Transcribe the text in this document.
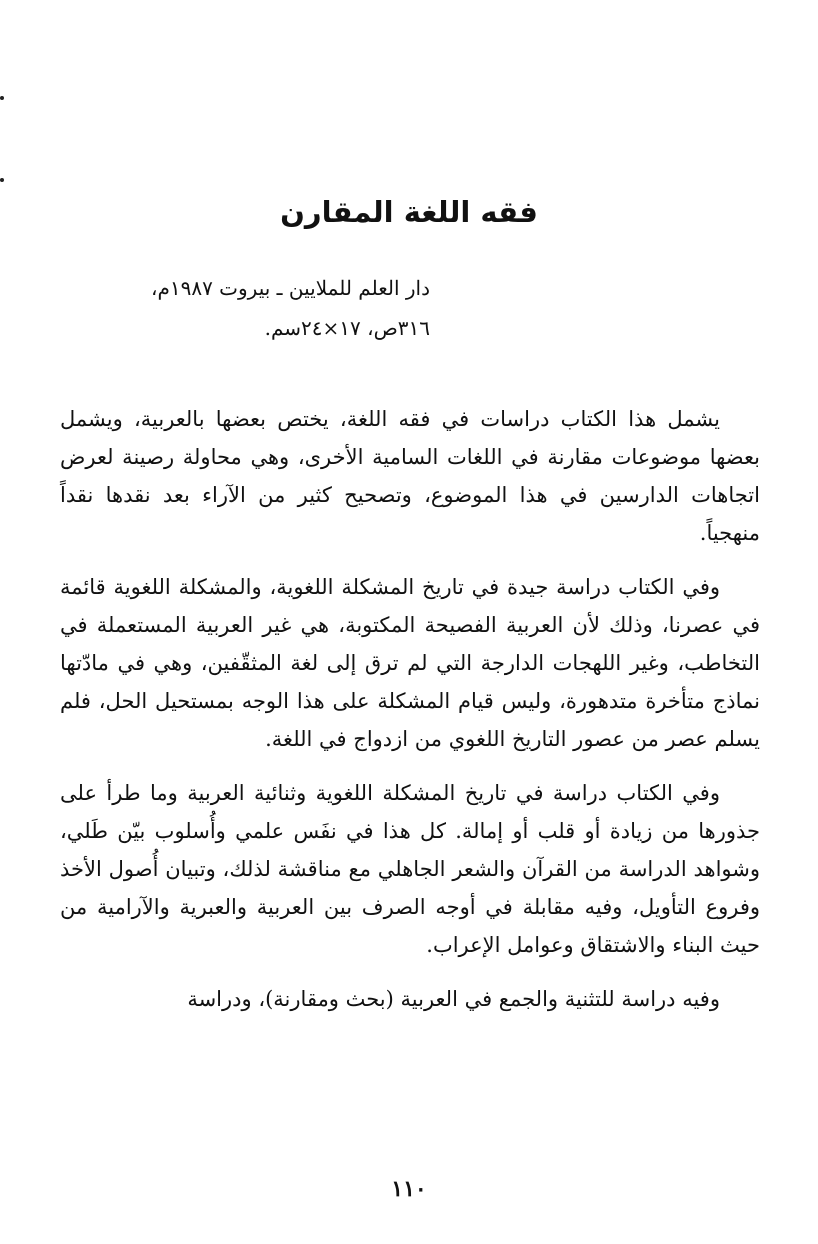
فقه اللغة المقارن

دار العلم للملايين ـ بيروت ١٩٨٧م،

٣١٦ص، ١٧×٢٤سم.

يشمل هذا الكتاب دراسات في فقه اللغة، يختص بعضها بالعربية، ويشمل بعضها موضوعات مقارنة في اللغات السامية الأخرى، وهي محاولة رصينة لعرض اتجاهات الدارسين في هذا الموضوع، وتصحيح كثير من الآراء بعد نقدها نقداً منهجياً.

وفي الكتاب دراسة جيدة في تاريخ المشكلة اللغوية، والمشكلة اللغوية قائمة في عصرنا، وذلك لأن العربية الفصيحة المكتوبة، هي غير العربية المستعملة في التخاطب، وغير اللهجات الدارجة التي لم ترق إلى لغة المثقّفين، وهي في مادّتها نماذج متأخرة متدهورة، وليس قيام المشكلة على هذا الوجه بمستحيل الحل، فلم يسلم عصر من عصور التاريخ اللغوي من ازدواج في اللغة.

وفي الكتاب دراسة في تاريخ المشكلة اللغوية وثنائية العربية وما طرأ على جذورها من زيادة أو قلب أو إمالة. كل هذا في نفَس علمي وأُسلوب بيّن طَلي، وشواهد الدراسة من القرآن والشعر الجاهلي مع مناقشة لذلك، وتبيان أُصول الأخذ وفروع التأويل، وفيه مقابلة في أوجه الصرف بين العربية والعبرية والآرامية من حيث البناء والاشتقاق وعوامل الإعراب.

وفيه دراسة للتثنية والجمع في العربية (بحث ومقارنة)، ودراسة

١١٠
